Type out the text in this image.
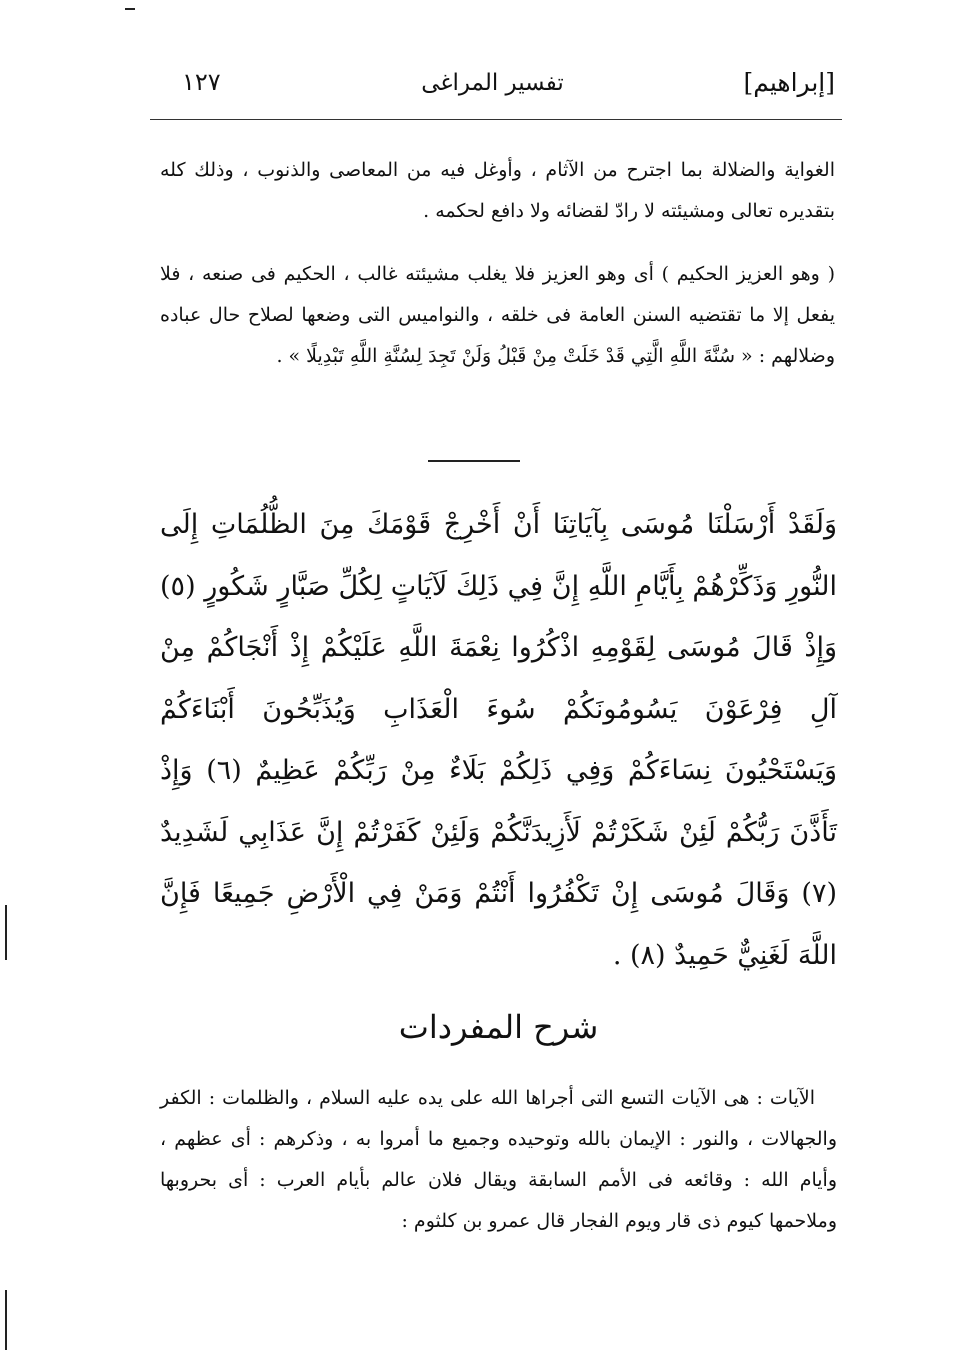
[إبراهيم]
تفسير المراغى
١٢٧

الغواية والضلالة بما اجترح من الآثام ، وأوغل فيه من المعاصى والذنوب ، وذلك كله بتقديره تعالى ومشيئته لا رادّ لقضائه ولا دافع لحكمه .

( وهو العزيز الحكيم ) أى وهو العزيز فلا يغلب مشيئته غالب ، الحكيم فى صنعه ، فلا يفعل إلا ما تقتضيه السنن العامة فى خلقه ، والنواميس التى وضعها لصلاح حال عباده وضلالهم : « سُنَّةَ اللَّهِ الَّتِي قَدْ خَلَتْ مِنْ قَبْلُ وَلَنْ تَجِدَ لِسُنَّةِ اللَّهِ تَبْدِيلًا » .

وَلَقَدْ أَرْسَلْنَا مُوسَى بِآيَاتِنَا أَنْ أَخْرِجْ قَوْمَكَ مِنَ الظُّلُمَاتِ إِلَى النُّورِ وَذَكِّرْهُمْ بِأَيَّامِ اللَّهِ إِنَّ فِي ذَلِكَ لَآيَاتٍ لِكُلِّ صَبَّارٍ شَكُورٍ (٥) وَإِذْ قَالَ مُوسَى لِقَوْمِهِ اذْكُرُوا نِعْمَةَ اللَّهِ عَلَيْكُمْ إِذْ أَنْجَاكُمْ مِنْ آلِ فِرْعَوْنَ يَسُومُونَكُمْ سُوءَ الْعَذَابِ وَيُذَبِّحُونَ أَبْنَاءَكُمْ وَيَسْتَحْيُونَ نِسَاءَكُمْ وَفِي ذَلِكُمْ بَلَاءٌ مِنْ رَبِّكُمْ عَظِيمٌ (٦) وَإِذْ تَأَذَّنَ رَبُّكُمْ لَئِنْ شَكَرْتُمْ لَأَزِيدَنَّكُمْ وَلَئِنْ كَفَرْتُمْ إِنَّ عَذَابِي لَشَدِيدٌ (٧) وَقَالَ مُوسَى إِنْ تَكْفُرُوا أَنْتُمْ وَمَنْ فِي الْأَرْضِ جَمِيعًا فَإِنَّ اللَّهَ لَغَنِيٌّ حَمِيدٌ (٨) .

شرح المفردات

الآيات : هى الآيات التسع التى أجراها الله على يده عليه السلام ، والظلمات : الكفر والجهالات ، والنور : الإيمان بالله وتوحيده وجميع ما أمروا به ، وذكرهم : أى عظهم ، وأيام الله : وقائعه فى الأمم السابقة ويقال فلان عالم بأيام العرب : أى بحروبها وملاحمها كيوم ذى قار ويوم الفجار قال عمرو بن كلثوم :
